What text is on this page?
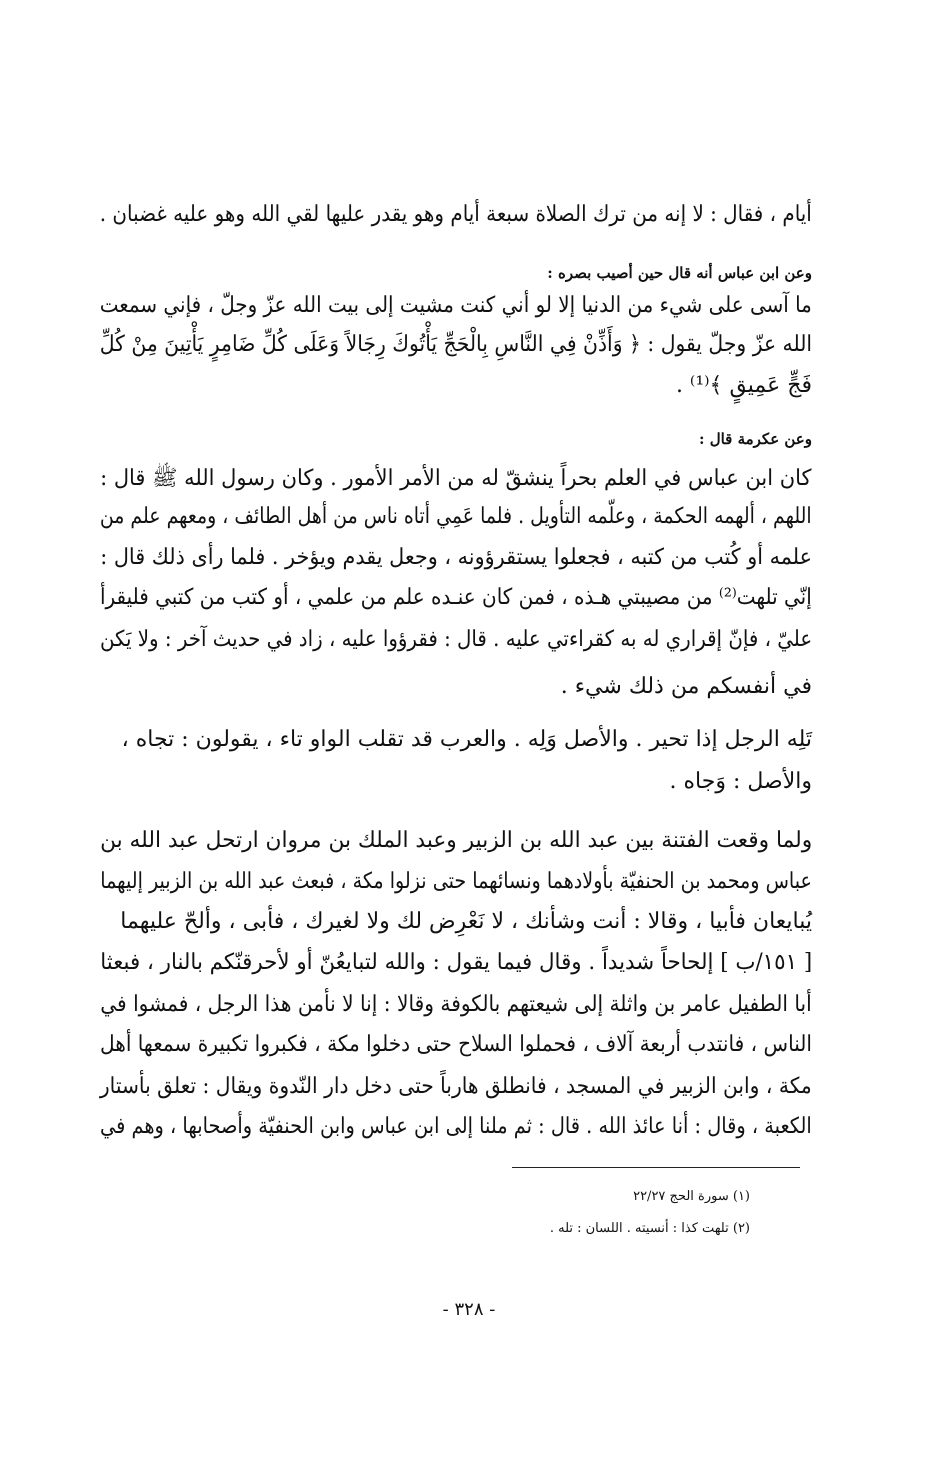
أيام ، فقال : لا إنه من ترك الصلاة سبعة أيام وهو يقدر عليها لقي الله وهو عليه غضبان .
وعن ابن عباس أنه قال حين أصيب بصره :
ما آسى على شيء من الدنيا إلا لو أني كنت مشيت إلى بيت الله عزّ وجلّ ، فإني سمعت
الله عزّ وجلّ يقول : ﴿ وَأَذِّنْ فِي النَّاسِ بِالْحَجِّ يَأْتُوكَ رِجَالاً وَعَلَى كُلِّ ضَامِرٍ يَأْتِينَ مِنْ كُلِّ
فَجٍّ عَمِيقٍ ﴾⁽¹⁾ .
وعن عكرمة قال :
كان ابن عباس في العلم بحراً ينشقّ له من الأمر الأمور . وكان رسول الله ﷺ قال :
اللهم ، ألهمه الحكمة ، وعلّمه التأويل . فلما عَمِي أتاه ناس من أهل الطائف ، ومعهم علم من
علمه أو كُتب من كتبه ، فجعلوا يستقرؤونه ، وجعل يقدم ويؤخر . فلما رأى ذلك قال :
إنّي تلهت⁽²⁾ من مصيبتي هـذه ، فمن كان عنـده علم من علمي ، أو كتب من كتبي فليقرأ
عليّ ، فإنّ إقراري له به كقراءتي عليه . قال : فقرؤوا عليه ، زاد في حديث آخر : ولا يَكن
في أنفسكم من ذلك شيء .
تَلِه الرجل إذا تحير . والأصل وَلِه . والعرب قد تقلب الواو تاء ، يقولون : تجاه ،
والأصل : وَجاه .
ولما وقعت الفتنة بين عبد الله بن الزبير وعبد الملك بن مروان ارتحل عبد الله بن
عباس ومحمد بن الحنفيّة بأولادهما ونسائهما حتى نزلوا مكة ، فبعث عبد الله بن الزبير إليهما
يُبايعان فأبيا ، وقالا : أنت وشأنك ، لا نَعْرِض لك ولا لغيرك ، فأبى ، وألحّ عليهما
[ ١٥١/ب ] إلحاحاً شديداً . وقال فيما يقول : والله لتبايعُنّ أو لأحرقنّكم بالنار ، فبعثا
أبا الطفيل عامر بن واثلة إلى شيعتهم بالكوفة وقالا : إنا لا نأمن هذا الرجل ، فمشوا في
الناس ، فانتدب أربعة آلاف ، فحملوا السلاح حتى دخلوا مكة ، فكبروا تكبيرة سمعها أهل
مكة ، وابن الزبير في المسجد ، فانطلق هارباً حتى دخل دار النّدوة ويقال : تعلق بأستار
الكعبة ، وقال : أنا عائذ الله . قال : ثم ملنا إلى ابن عباس وابن الحنفيّة وأصحابها ، وهم في
(١) سورة الحج ٢٢/٢٧
(٢) تلهت كذا : أنسيته . اللسان : تله .
- ٣٢٨ -
